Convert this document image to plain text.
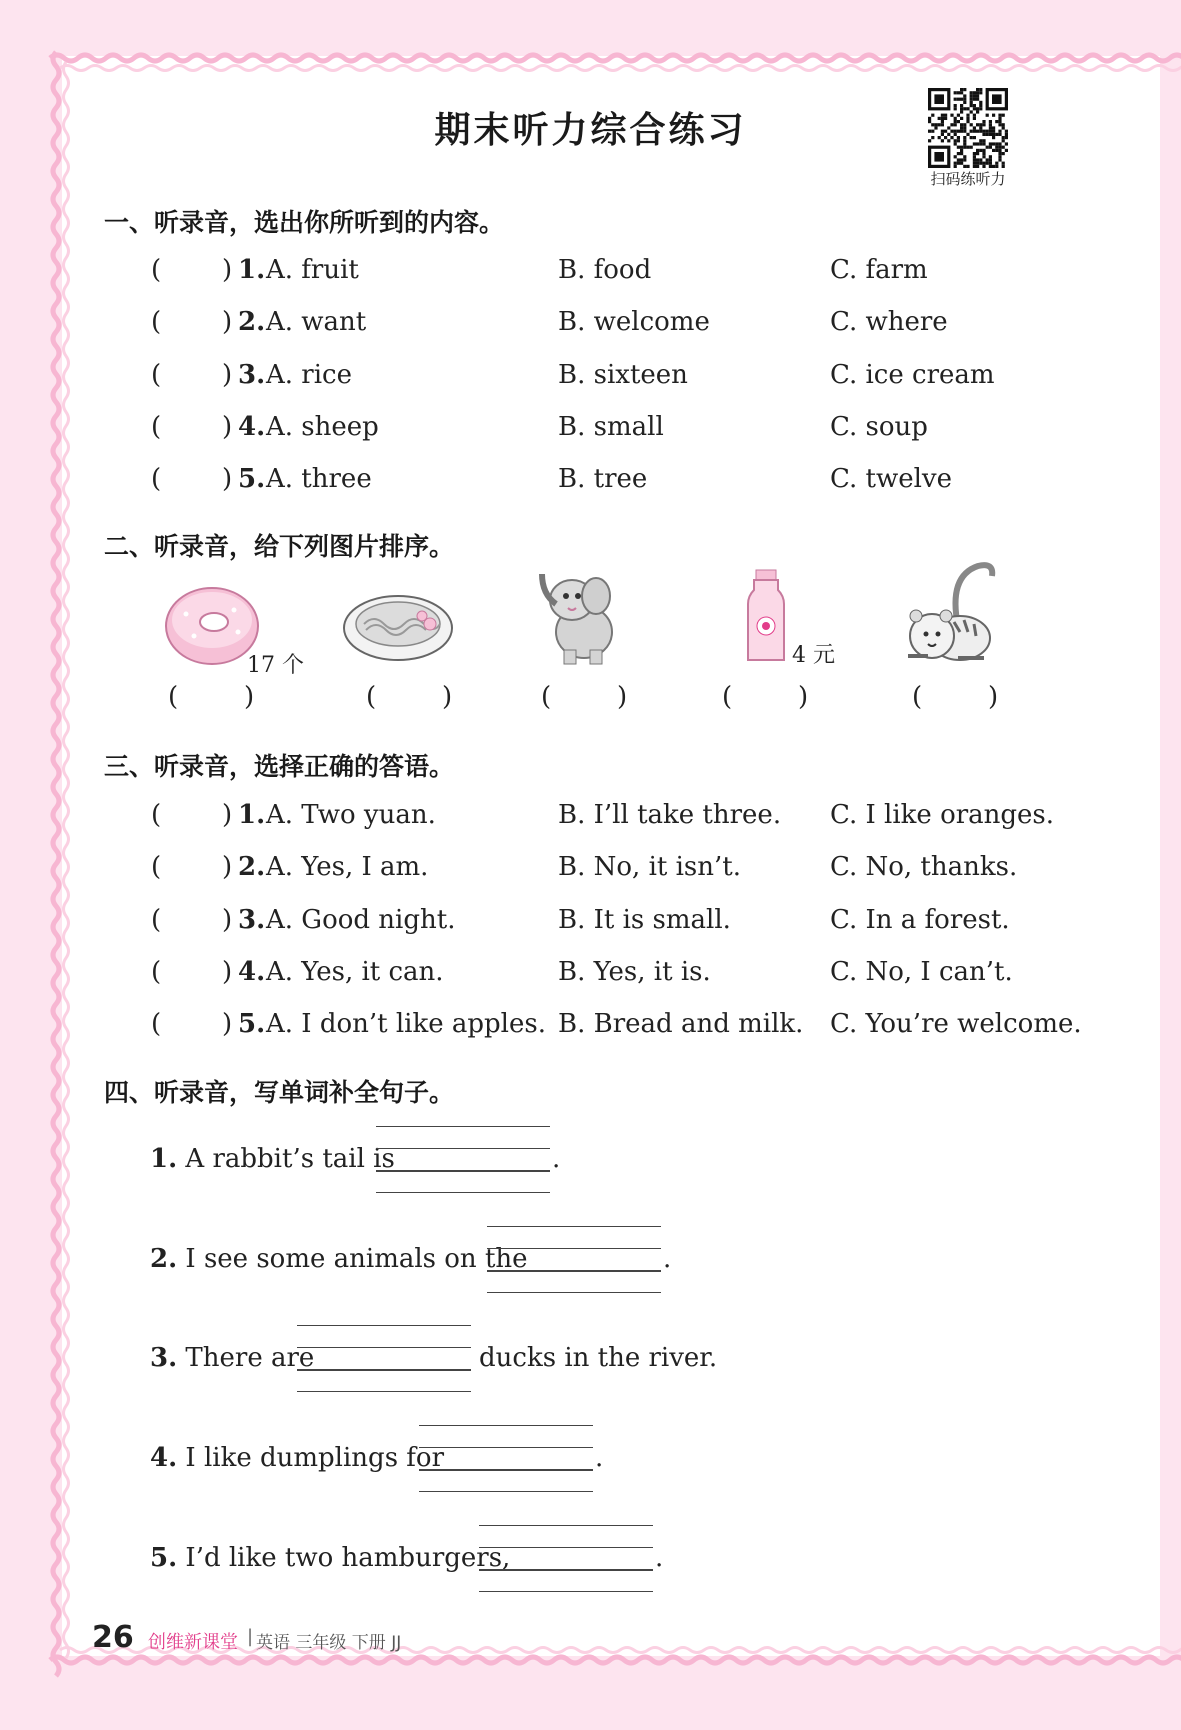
期末听力综合练习
扫码练听力
一、听录音，选出你所听到的内容。
( ) 1. A. fruit	B. food	C. farm
( ) 2. A. want	B. welcome	C. where
( ) 3. A. rice	B. sixteen	C. ice cream
( ) 4. A. sheep	B. small	C. soup
( ) 5. A. three	B. tree	C. twelve
二、听录音，给下列图片排序。
17 个	4 元
(	)	(	)	(	)	(	)	(	)
三、听录音，选择正确的答语。
( ) 1. A. Two yuan.	B. I’ll take three. C. I like oranges.
( ) 2. A. Yes, I am.	B. No, it isn’t.	C. No, thanks.
( ) 3. A. Good night.	B. It is small.	C. In a forest.
( ) 4. A. Yes, it can.	B. Yes, it is.	C. No, I can’t.
( ) 5. A. I don’t like apples. B. Bread and milk. C. You’re welcome.
四、听录音，写单词补全句子。
1. A rabbit’s tail is	.
2. I see some animals on the	.
3. There are	ducks in the river.
4. I like dumplings for	.
5. I’d like two hamburgers,	.
26 创维新课堂 | 英语 三年级 下册 JJ
